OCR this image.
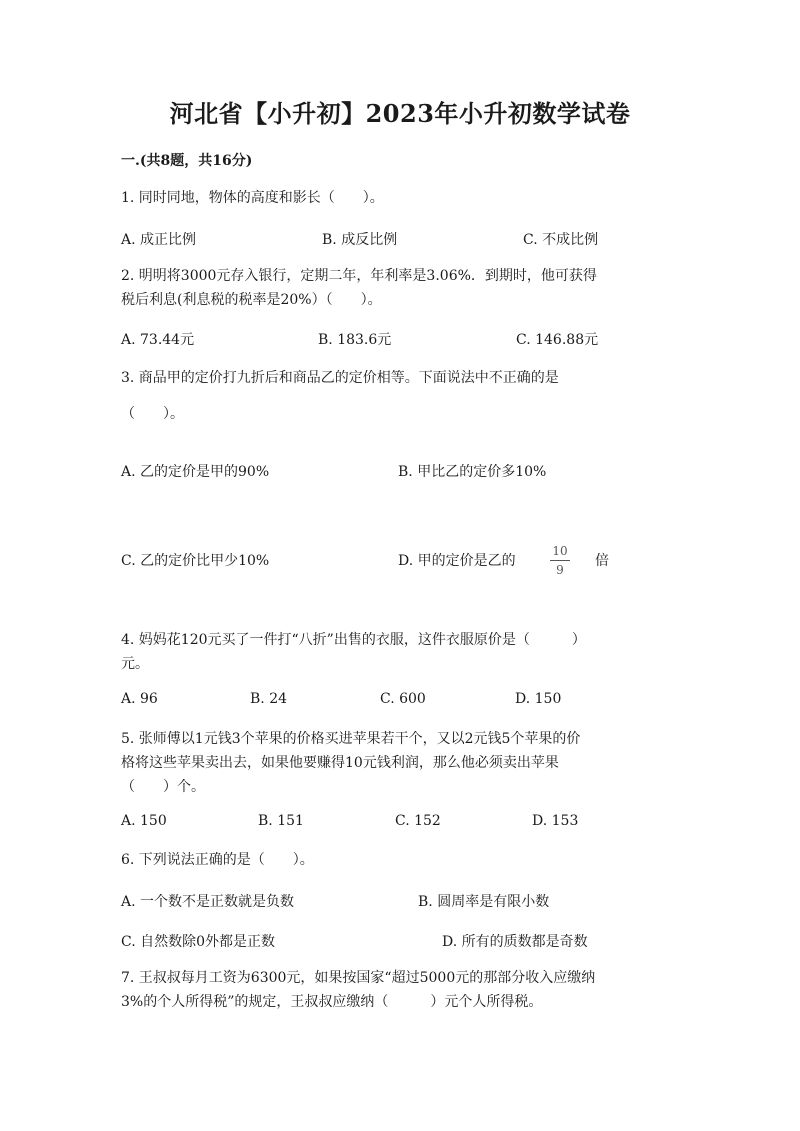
河北省【小升初】2023年小升初数学试卷
一.(共8题，共16分)
1. 同时同地，物体的高度和影长（　　）。
A. 成正比例	B. 成反比例	C. 不成比例
2. 明明将3000元存入银行，定期二年，年利率是3.06%．到期时，他可获得
税后利息(利息税的税率是20%）（　　）。
A. 73.44元	B. 183.6元	C. 146.88元
3. 商品甲的定价打九折后和商品乙的定价相等。下面说法中不正确的是
（　　）。
A. 乙的定价是甲的90%	B. 甲比乙的定价多10%
C. 乙的定价比甲少10%	D. 甲的定价是乙的
10
9
倍
4. 妈妈花120元买了一件打“八折”出售的衣服，这件衣服原价是（　　　）
元。
A. 96	B. 24	C. 600	D. 150
5. 张师傅以1元钱3个苹果的价格买进苹果若干个，又以2元钱5个苹果的价
格将这些苹果卖出去，如果他要赚得10元钱利润，那么他必须卖出苹果
（　　）个。
A. 150	B. 151	C. 152	D. 153
6. 下列说法正确的是（　　）。
A. 一个数不是正数就是负数	B. 圆周率是有限小数
C. 自然数除0外都是正数	D. 所有的质数都是奇数
7. 王叔叔每月工资为6300元，如果按国家“超过5000元的那部分收入应缴纳
3%的个人所得税”的规定，王叔叔应缴纳（　　　）元个人所得税。
